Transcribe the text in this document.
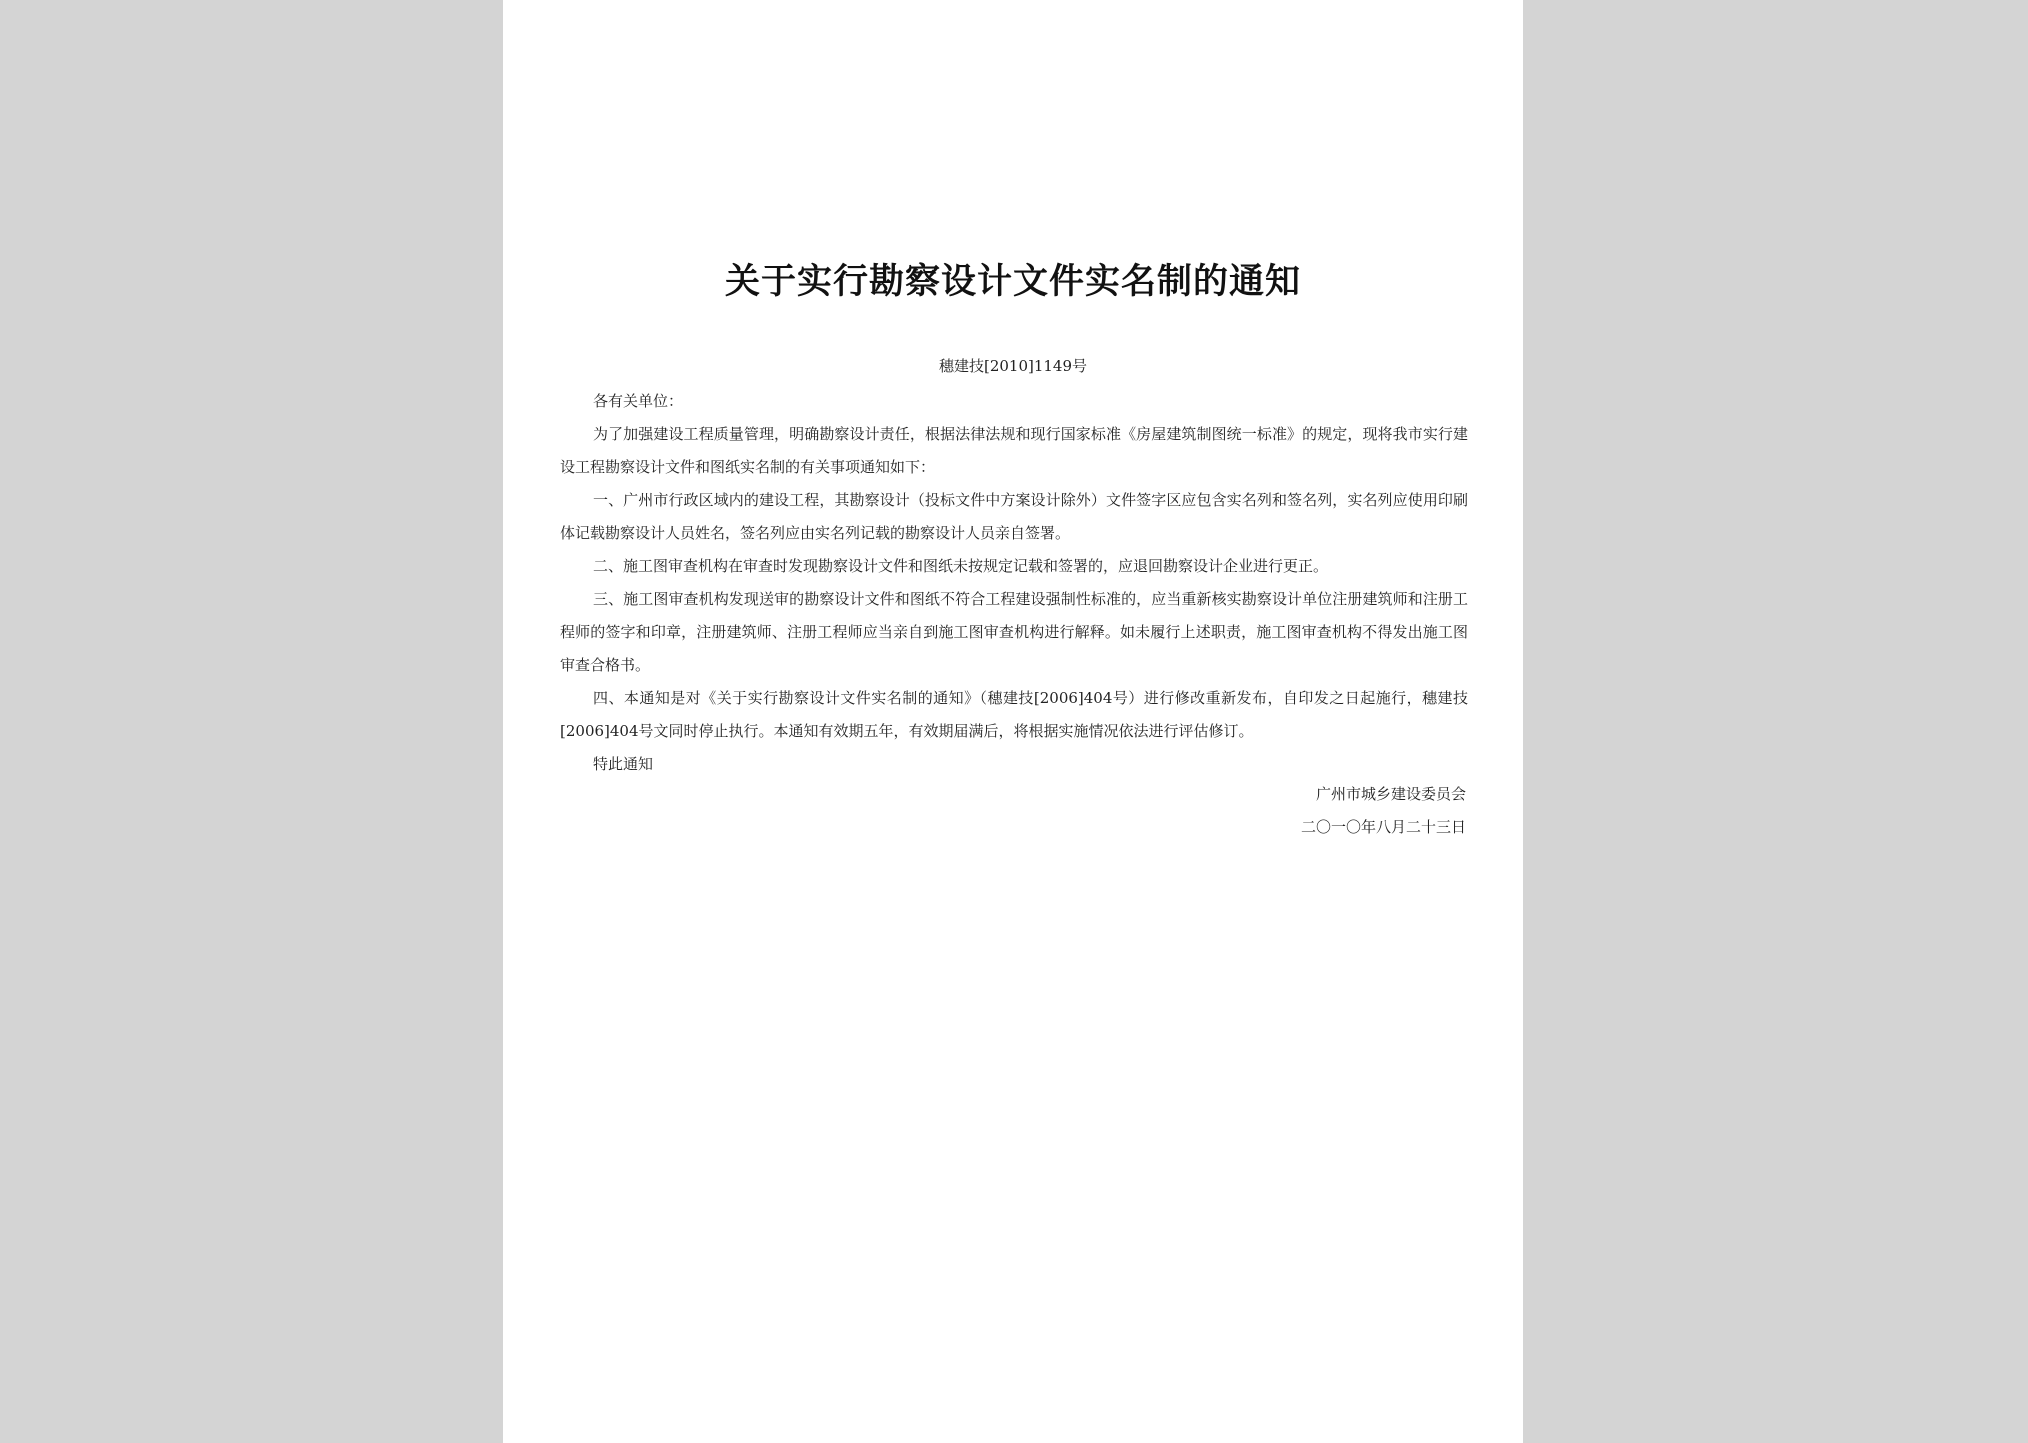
关于实行勘察设计文件实名制的通知
穗建技[2010]1149号

各有关单位：

为了加强建设工程质量管理，明确勘察设计责任，根据法律法规和现行国家标准《房屋建筑制图统一标准》的规定，现将我市实行建设工程勘察设计文件和图纸实名制的有关事项通知如下：

一、广州市行政区域内的建设工程，其勘察设计（投标文件中方案设计除外）文件签字区应包含实名列和签名列，实名列应使用印刷体记载勘察设计人员姓名，签名列应由实名列记载的勘察设计人员亲自签署。

二、施工图审查机构在审查时发现勘察设计文件和图纸未按规定记载和签署的，应退回勘察设计企业进行更正。

三、施工图审查机构发现送审的勘察设计文件和图纸不符合工程建设强制性标准的，应当重新核实勘察设计单位注册建筑师和注册工程师的签字和印章，注册建筑师、注册工程师应当亲自到施工图审查机构进行解释。如未履行上述职责，施工图审查机构不得发出施工图审查合格书。

四、本通知是对《关于实行勘察设计文件实名制的通知》（穗建技[2006]404号）进行修改重新发布，自印发之日起施行，穗建技[2006]404号文同时停止执行。本通知有效期五年，有效期届满后，将根据实施情况依法进行评估修订。

特此通知

广州市城乡建设委员会
二〇一〇年八月二十三日
